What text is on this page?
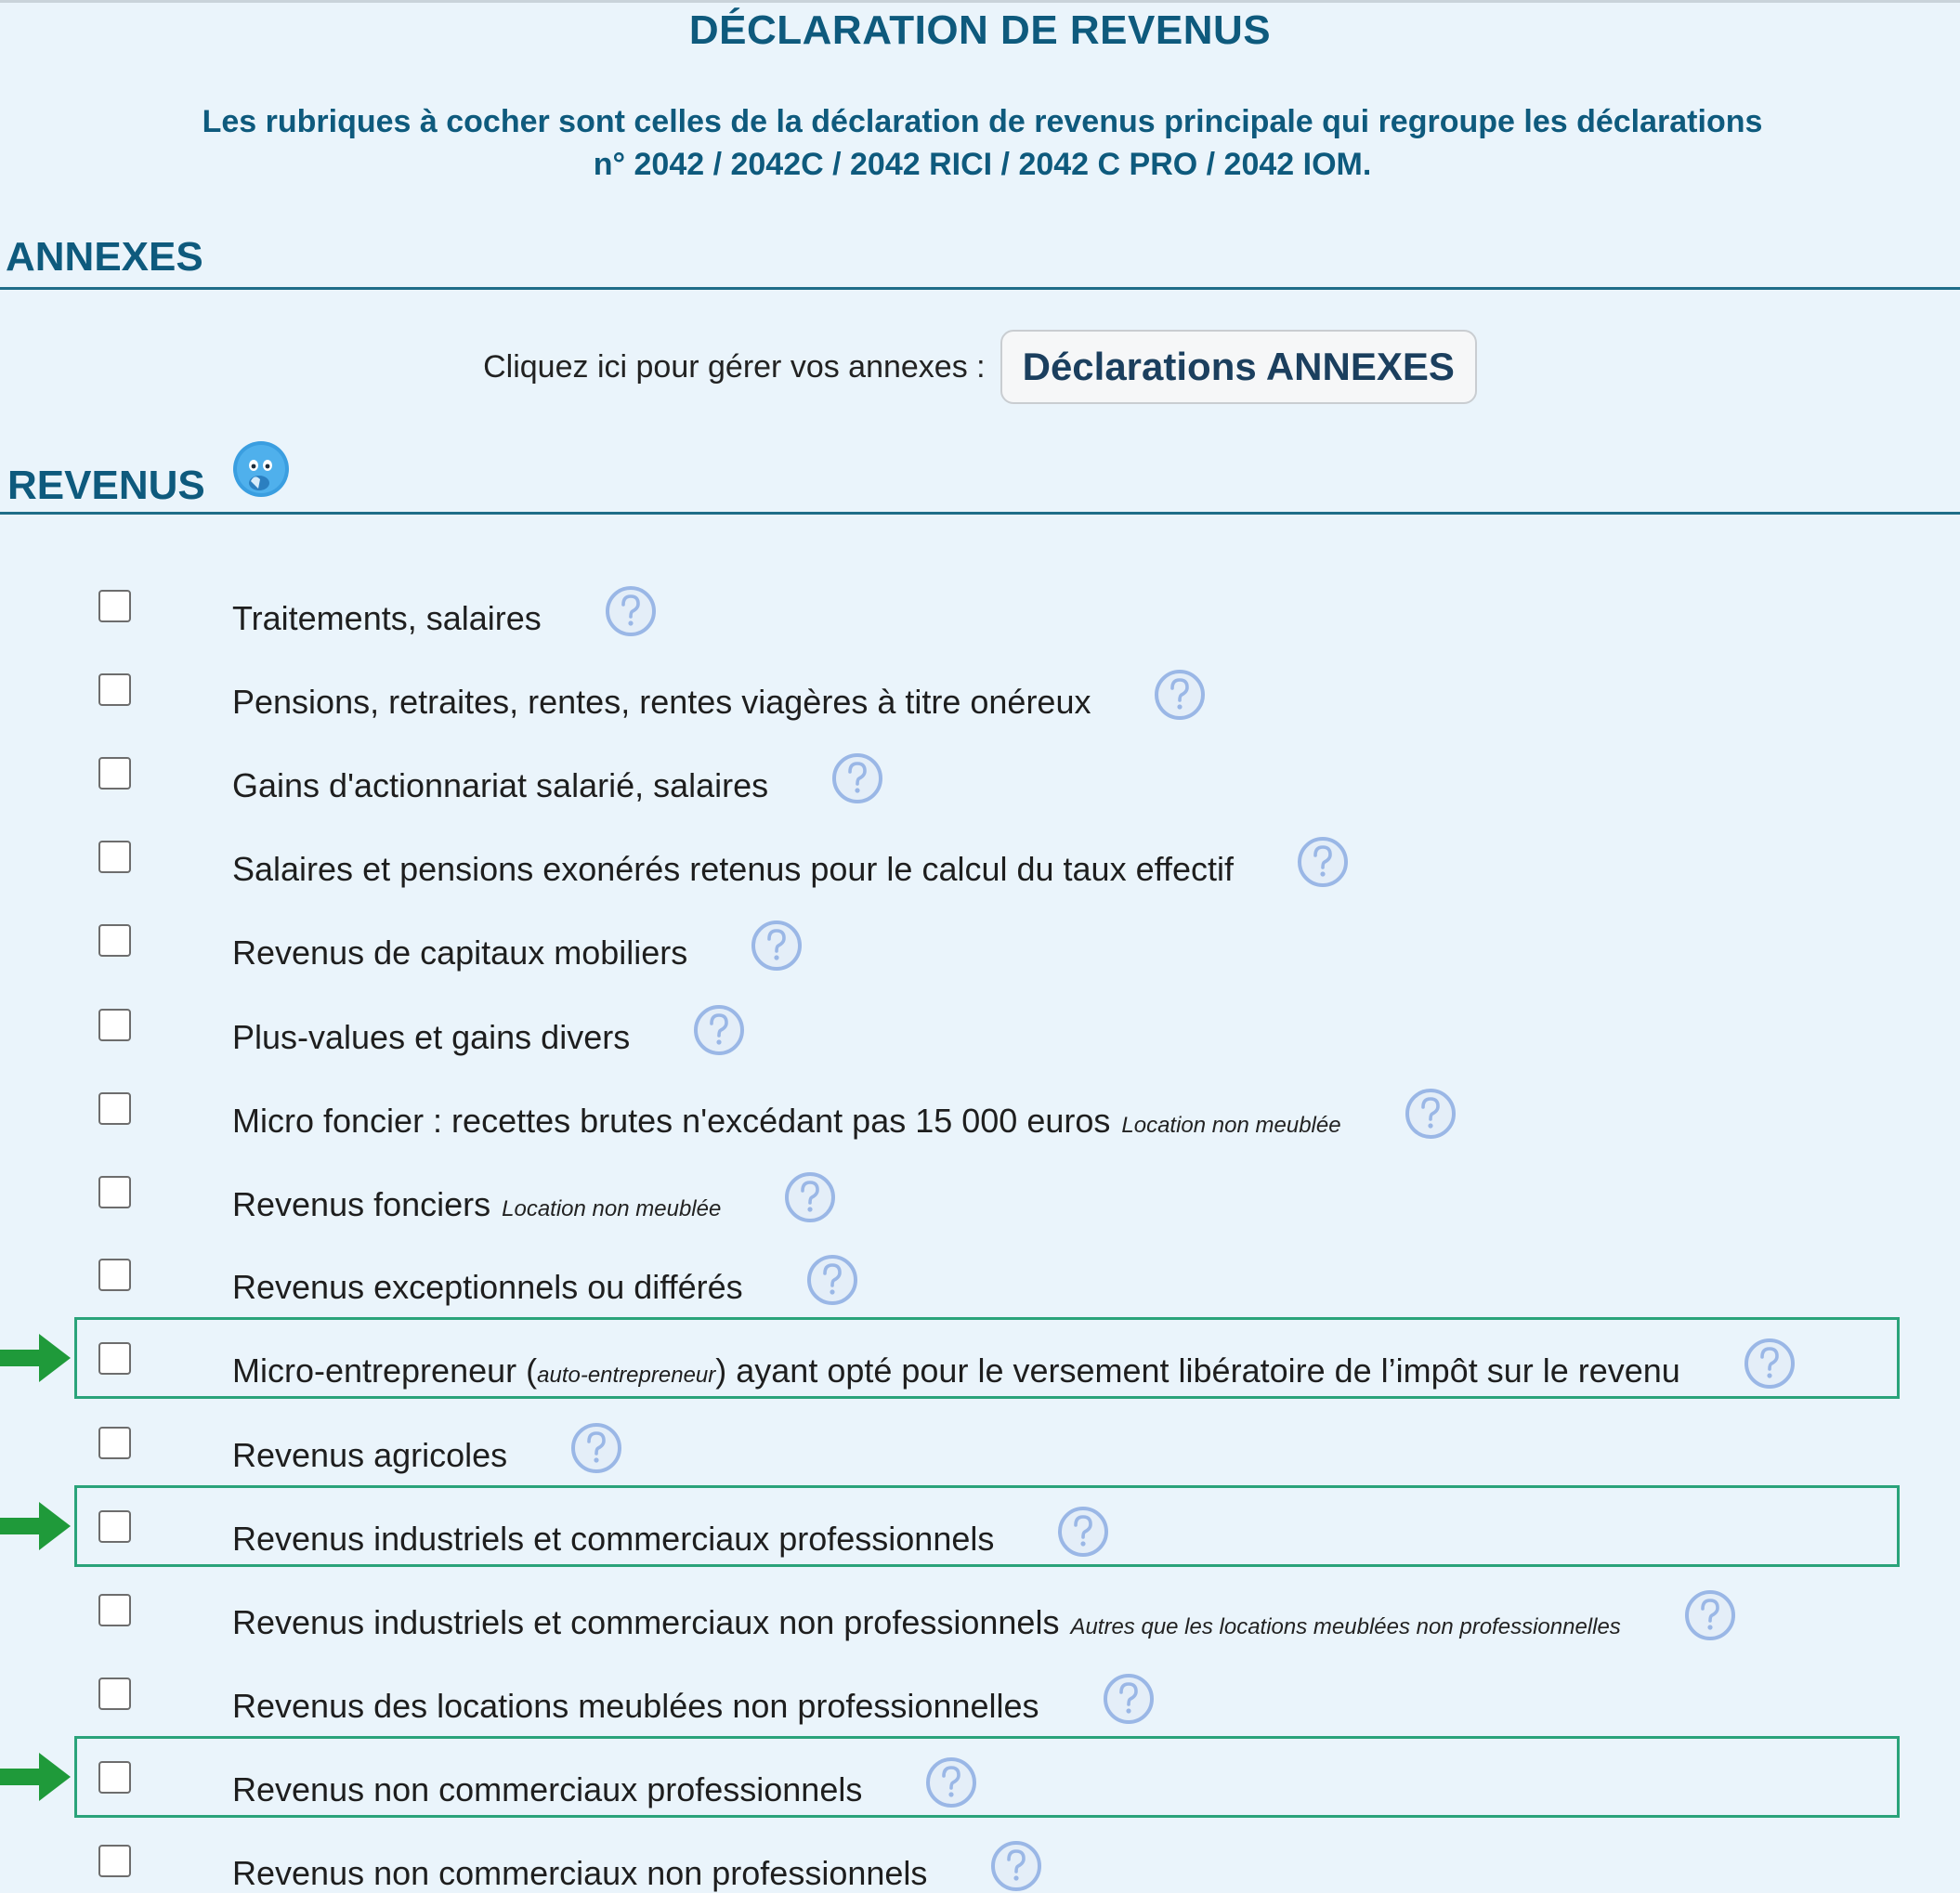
DÉCLARATION DE REVENUS
Les rubriques à cocher sont celles de la déclaration de revenus principale qui regroupe les déclarations
n° 2042 / 2042C / 2042 RICI / 2042 C PRO / 2042 IOM.
ANNEXES
Cliquez ici pour gérer vos annexes : Déclarations ANNEXES
REVENUS
Traitements, salaires
Pensions, retraites, rentes, rentes viagères à titre onéreux
Gains d'actionnariat salarié, salaires
Salaires et pensions exonérés retenus pour le calcul du taux effectif
Revenus de capitaux mobiliers
Plus-values et gains divers
Micro foncier : recettes brutes n'excédant pas 15 000 euros Location non meublée
Revenus fonciers Location non meublée
Revenus exceptionnels ou différés
Micro-entrepreneur ( auto-entrepreneur ) ayant opté pour le versement libératoire de l’impôt sur le revenu
Revenus agricoles
Revenus industriels et commerciaux professionnels
Revenus industriels et commerciaux non professionnels Autres que les locations meublées non professionnelles
Revenus des locations meublées non professionnelles
Revenus non commerciaux professionnels
Revenus non commerciaux non professionnels
